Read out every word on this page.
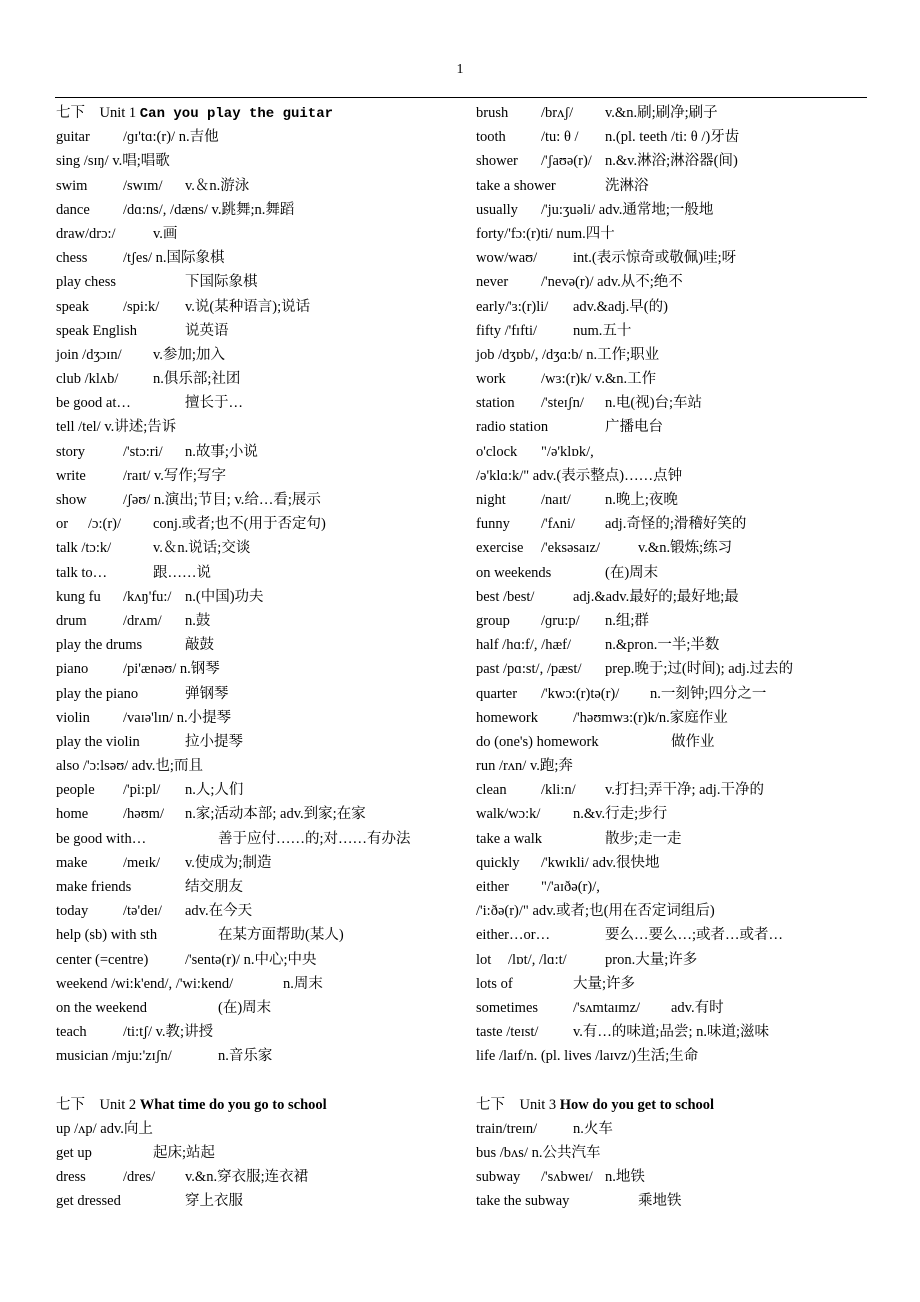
1
七下    Unit 1 Can you play the guitar
guitar /ɡɪ'tɑ:(r)/ n.吉他
sing /sɪŋ/ v.唱;唱歌
swim /swɪm/ v.＆n.游泳
dance /dɑ:ns/, /dæns/ v.跳舞;n.舞蹈
draw/drɔ:/	v.画
chess /tʃes/ n.国际象棋
play chess	下国际象棋
speak /spi:k/ v.说(某种语言);说话
speak English	说英语
join /dʒɔɪn/ v.参加;加入
club /klʌb/ n.俱乐部;社团
be good at…	擅长于…
tell /tel/ v.讲述;告诉
story	/'stɔ:ri/ n.故事;小说
write	/raɪt/ v.写作;写字
show	/ʃəʊ/ n.演出;节目; v.给…看;展示
or /ɔ:(r)/ conj.或者;也不(用于否定句)
talk /tɔ:k/	v.＆n.说话;交谈
talk to…	跟……说
kung fu /kʌŋ'fu:/ n.(中国)功夫
drum	/drʌm/ n.鼓
play the drums	敲鼓
piano /pi'ænəʊ/ n.钢琴
play the piano	弹钢琴
violin /vaɪə'lɪn/ n.小提琴
play the violin	拉小提琴
also /'ɔ:lsəʊ/ adv.也;而且
people /'pi:pl/ n.人;人们
home /həʊm/ n.家;活动本部; adv.到家;在家
be good with…	善于应付……的;对……有办法
make /meɪk/ v.使成为;制造
make friends	结交朋友
today /tə'deɪ/ adv.在今天
help (sb) with sth	在某方面帮助(某人)
center (=centre)	/'sentə(r)/ n.中心;中央
weekend /wi:k'end/, /'wi:kend/	n.周末
on the weekend	(在)周末
teach	/ti:tʃ/ v.教;讲授
musician /mju:'zɪʃn/	n.音乐家
七下    Unit 2 What time do you go to school
up /ʌp/ adv.向上
get up	起床;站起
dress	/dres/ v.&n.穿衣服;连衣裙
get dressed	穿上衣服
brush /brʌʃ/ v.&n.刷;刷净;刷子
tooth /tu: θ / n.(pl. teeth /ti: θ /)牙齿
shower /'ʃaʊə(r)/ n.&v.淋浴;淋浴器(间)
take a shower	洗淋浴
usually /'ju:ʒuəli/ adv.通常地;一般地
forty/'fɔ:(r)ti/ num.四十
wow/waʊ/ int.(表示惊奇或敬佩)哇;呀
never /'nevə(r)/ adv.从不;绝不
early/'ɜ:(r)li/ adv.&adj.早(的)
fifty /'fɪfti/ num.五十
job /dʒɒb/, /dʒɑ:b/ n.工作;职业
work /wɜ:(r)k/ v.&n.工作
station /'steɪʃn/ n.电(视)台;车站
radio station	广播电台
o'clock "/ə'klɒk/,
/ə'klɑ:k/" adv.(表示整点)……点钟
night /naɪt/ n.晚上;夜晚
funny /'fʌni/ adj.奇怪的;滑稽好笑的
exercise /'eksəsaɪz/	v.&n.锻炼;练习
on weekends	(在)周末
best /best/	adj.&adv.最好的;最好地;最
group /ɡru:p/ n.组;群
half /hɑ:f/, /hæf/ n.&pron.一半;半数
past /pɑ:st/, /pæst/ prep.晚于;过(时间); adj.过去的
quarter /'kwɔ:(r)tə(r)/ n.一刻钟;四分之一
homework /'həʊmwɜ:(r)k/n.家庭作业
do (one's) homework	做作业
run /rʌn/ v.跑;奔
clean /kli:n/ v.打扫;弄干净; adj.干净的
walk/wɔ:k/ n.&v.行走;步行
take a walk	散步;走一走
quickly /'kwɪkli/ adv.很快地
either "/'aɪðə(r)/,
/'i:ðə(r)/" adv.或者;也(用在否定词组后)
either…or…	要么…要么…;或者…或者…
lot /lɒt/, /lɑ:t/	pron.大量;许多
lots of	大量;许多
sometimes /'sʌmtaɪmz/ adv.有时
taste /teɪst/ v.有…的味道;品尝; n.味道;滋味
life /laɪf/n. (pl. lives /laɪvz/)生活;生命
七下    Unit 3 How do you get to school
train/treɪn/ n.火车
bus /bʌs/ n.公共汽车
subway /'sʌbweɪ/ n.地铁
take the subway	乘地铁
